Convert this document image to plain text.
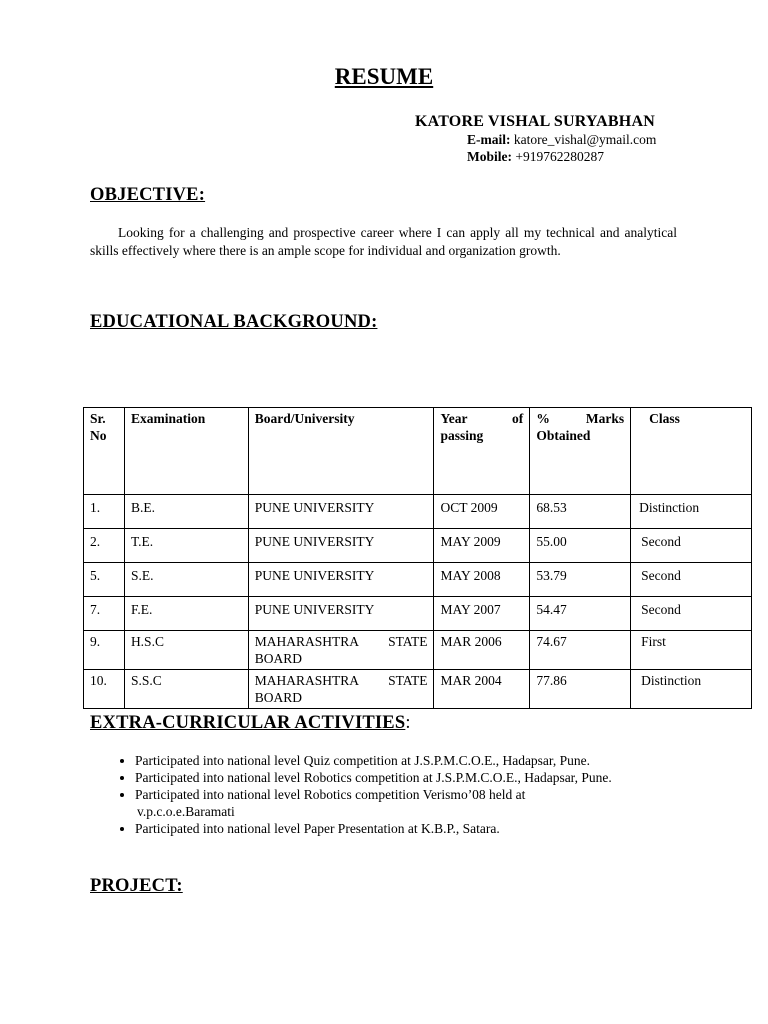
RESUME
KATORE VISHAL SURYABHAN
E-mail: katore_vishal@ymail.com
Mobile: +919762280287
OBJECTIVE:
Looking for a challenging and prospective career where I can apply all my technical and analytical skills effectively where there is an ample scope for individual and organization growth.
EDUCATIONAL BACKGROUND:
Sr. No	Examination	Board/University	Year of passing	% Marks Obtained	Class
1.	B.E.	PUNE UNIVERSITY	OCT 2009	68.53	Distinction
2.	T.E.	PUNE UNIVERSITY	MAY 2009	55.00	Second
5.	S.E.	PUNE UNIVERSITY	MAY 2008	53.79	Second
7.	F.E.	PUNE UNIVERSITY	MAY 2007	54.47	Second
9.	H.S.C	MAHARASHTRA STATE BOARD	MAR 2006	74.67	First
10.	S.S.C	MAHARASHTRA STATE BOARD	MAR 2004	77.86	Distinction
EXTRA-CURRICULAR ACTIVITIES:
• Participated into national level Quiz competition at J.S.P.M.C.O.E., Hadapsar, Pune.
• Participated into national level Robotics competition at J.S.P.M.C.O.E., Hadapsar, Pune.
• Participated into national level Robotics competition Verismo’08 held at
v.p.c.o.e.Baramati
• Participated into national level Paper Presentation at K.B.P., Satara.
PROJECT:
